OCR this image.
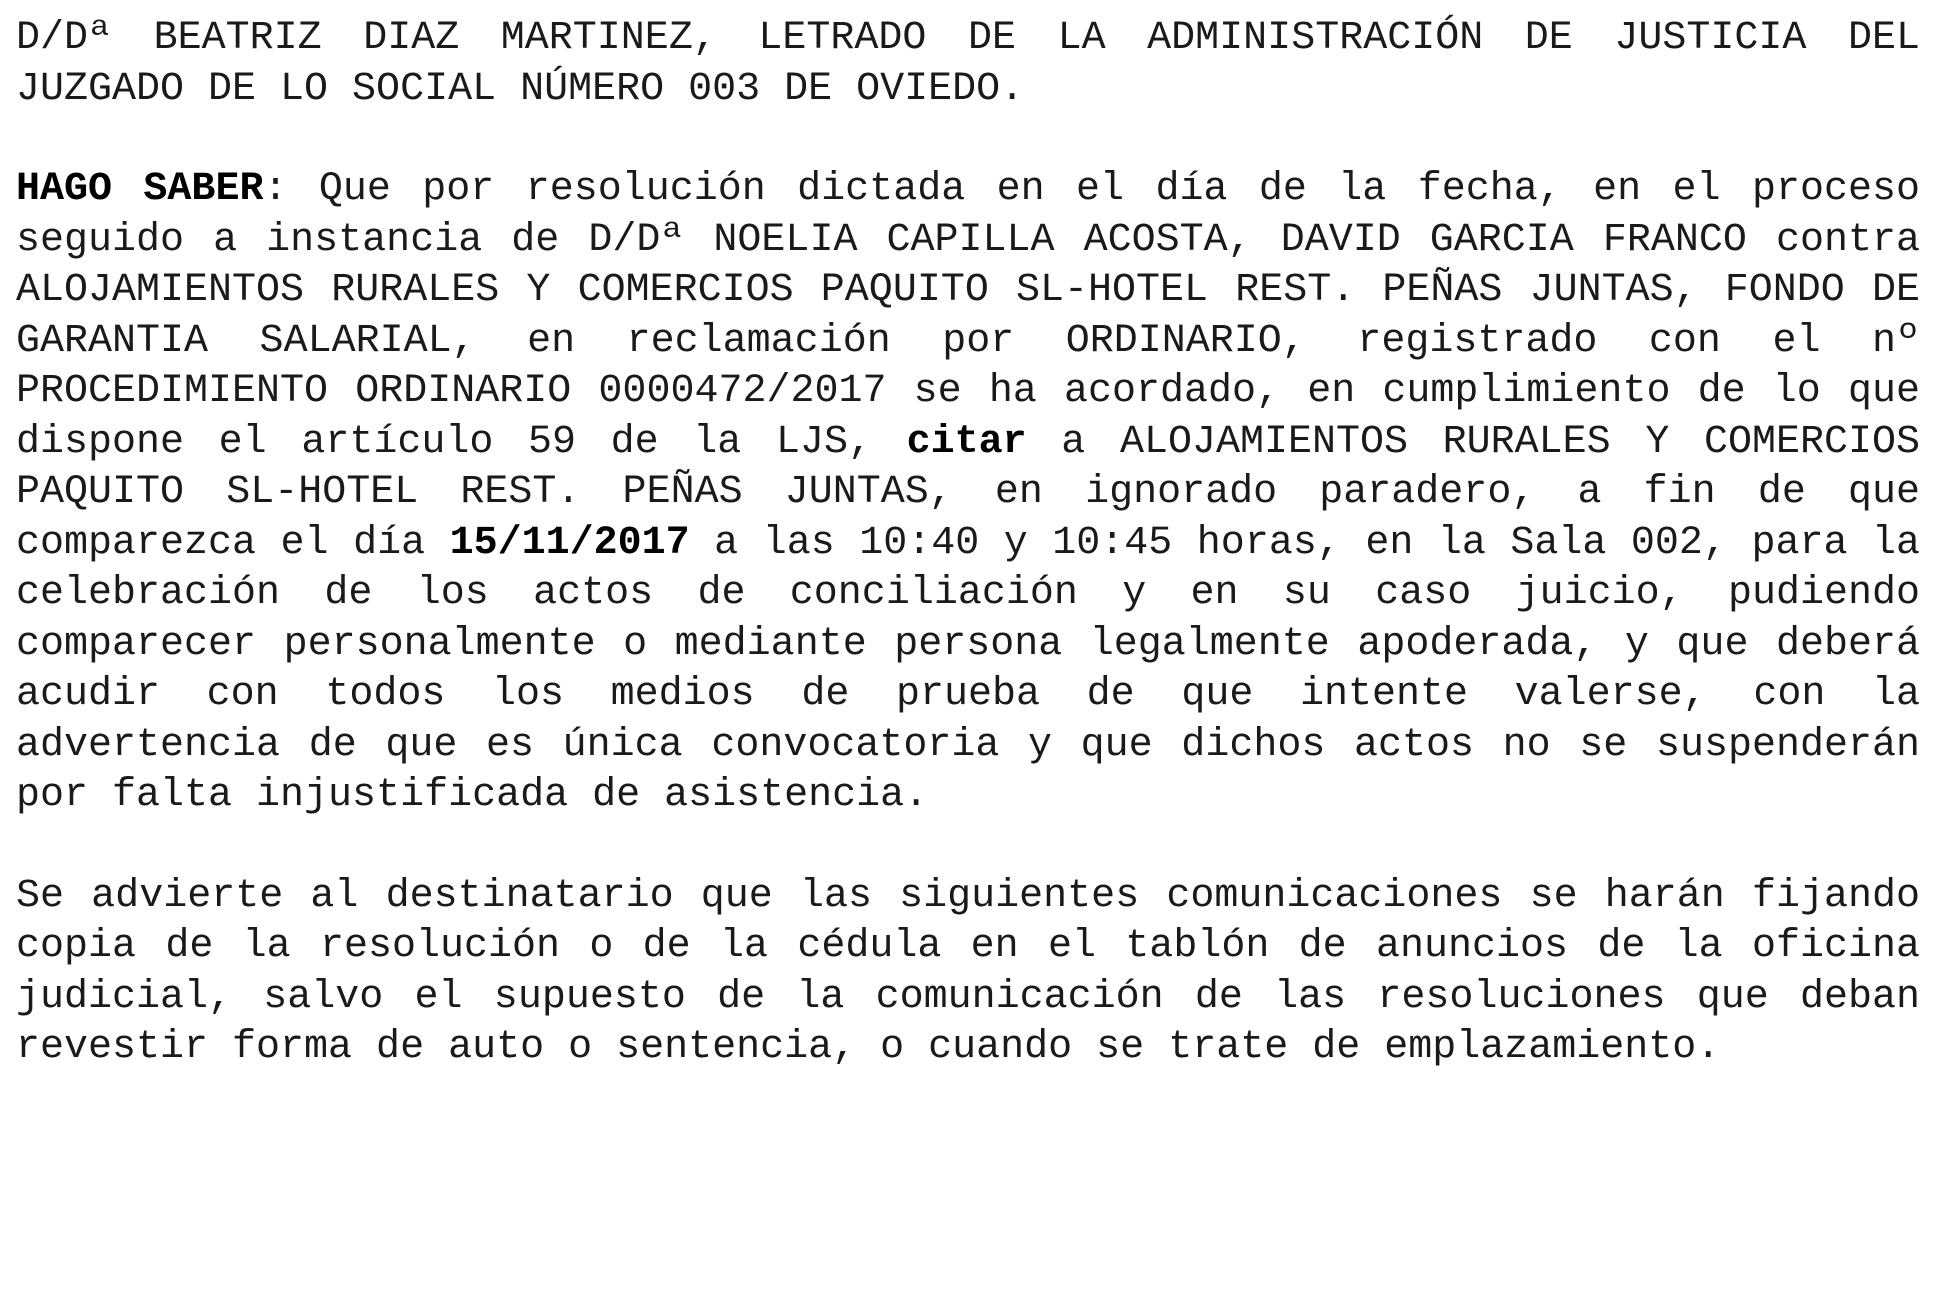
D/Dª BEATRIZ DIAZ MARTINEZ, LETRADO DE LA ADMINISTRACIÓN DE JUSTICIA DEL JUZGADO DE LO SOCIAL NÚMERO 003 DE OVIEDO.

HAGO SABER: Que por resolución dictada en el día de la fecha, en el proceso seguido a instancia de D/Dª NOELIA CAPILLA ACOSTA, DAVID GARCIA FRANCO contra ALOJAMIENTOS RURALES Y COMERCIOS PAQUITO SL-HOTEL REST. PEÑAS JUNTAS, FONDO DE GARANTIA SALARIAL, en reclamación por ORDINARIO, registrado con el nº PROCEDIMIENTO ORDINARIO 0000472/2017 se ha acordado, en cumplimiento de lo que dispone el artículo 59 de la LJS, citar a ALOJAMIENTOS RURALES Y COMERCIOS PAQUITO SL-HOTEL REST. PEÑAS JUNTAS, en ignorado paradero, a fin de que comparezca el día 15/11/2017 a las 10:40 y 10:45 horas, en la Sala 002, para la celebración de los actos de conciliación y en su caso juicio, pudiendo comparecer personalmente o mediante persona legalmente apoderada, y que deberá acudir con todos los medios de prueba de que intente valerse, con la advertencia de que es única convocatoria y que dichos actos no se suspenderán por falta injustificada de asistencia.

Se advierte al destinatario que las siguientes comunicaciones se harán fijando copia de la resolución o de la cédula en el tablón de anuncios de la oficina judicial, salvo el supuesto de la comunicación de las resoluciones que deban revestir forma de auto o sentencia, o cuando se trate de emplazamiento.
